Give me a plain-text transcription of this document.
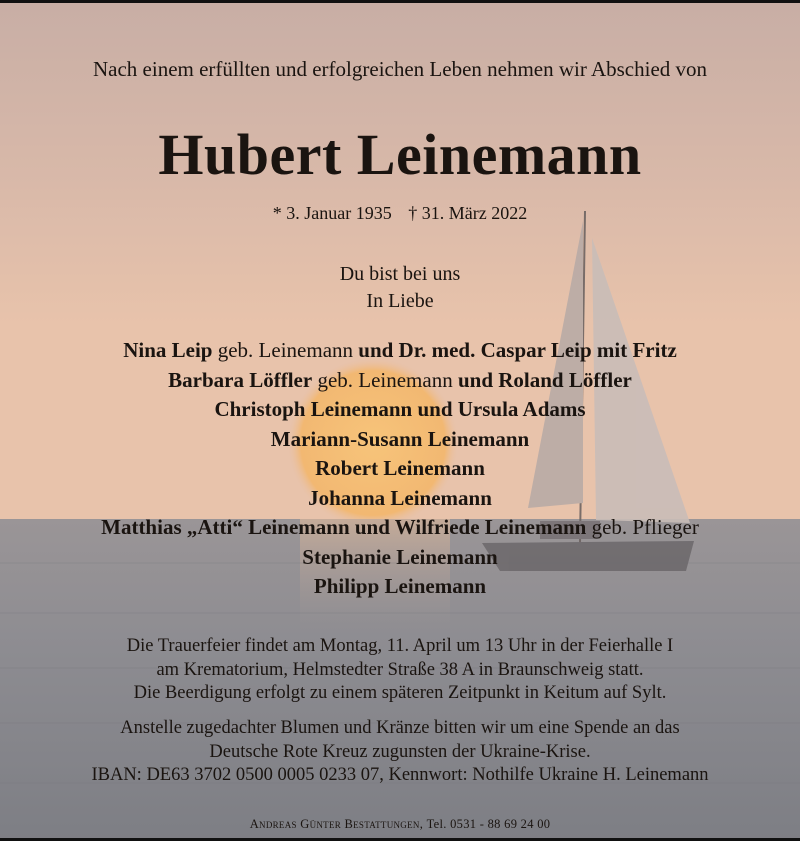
Nach einem erfüllten und erfolgreichen Leben nehmen wir Abschied von
Hubert Leinemann
* 3. Januar 1935 † 31. März 2022
Du bist bei uns
In Liebe
Nina Leip geb. Leinemann und Dr. med. Caspar Leip mit Fritz
Barbara Löffler geb. Leinemann und Roland Löffler
Christoph Leinemann und Ursula Adams
Mariann-Susann Leinemann
Robert Leinemann
Johanna Leinemann
Matthias „Atti“ Leinemann und Wilfriede Leinemann geb. Pflieger
Stephanie Leinemann
Philipp Leinemann
Die Trauerfeier findet am Montag, 11. April um 13 Uhr in der Feierhalle I
am Krematorium, Helmstedter Straße 38 A in Braunschweig statt.
Die Beerdigung erfolgt zu einem späteren Zeitpunkt in Keitum auf Sylt.
Anstelle zugedachter Blumen und Kränze bitten wir um eine Spende an das
Deutsche Rote Kreuz zugunsten der Ukraine-Krise.
IBAN: DE63 3702 0500 0005 0233 07, Kennwort: Nothilfe Ukraine H. Leinemann
Andreas Günter Bestattungen, Tel. 0531 - 88 69 24 00
